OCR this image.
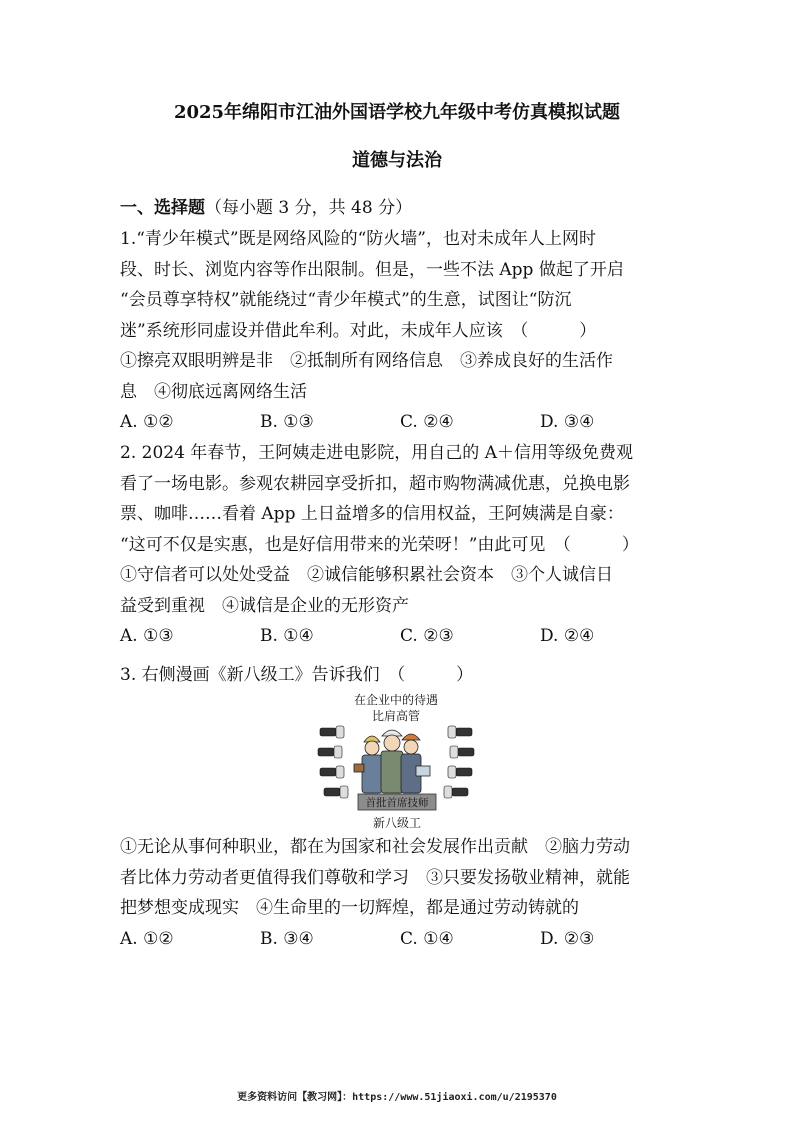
2025年绵阳市江油外国语学校九年级中考仿真模拟试题
道德与法治
一、选择题（每小题 3 分，共 48 分）
1.“青少年模式”既是网络风险的“防火墙”，也对未成年人上网时
段、时长、浏览内容等作出限制。但是，一些不法 App 做起了开启
“会员尊享特权”就能绕过“青少年模式”的生意，试图让“防沉
迷”系统形同虚设并借此牟利。对此，未成年人应该　（　　　）
①擦亮双眼明辨是非　②抵制所有网络信息　③养成良好的生活作
息　④彻底远离网络生活
A. ①②	B. ①③	C. ②④	D. ③④
2. 2024 年春节，王阿姨走进电影院，用自己的 A＋信用等级免费观
看了一场电影。参观农耕园享受折扣，超市购物满减优惠，兑换电影
票、咖啡……看着 App 上日益增多的信用权益，王阿姨满是自豪：
“这可不仅是实惠，也是好信用带来的光荣呀！”由此可见　（　　　）
①守信者可以处处受益　②诚信能够积累社会资本　③个人诚信日
益受到重视　④诚信是企业的无形资产
A. ①③	B. ①④	C. ②③	D. ②④
3. 右侧漫画《新八级工》告诉我们　（　　　）
在企业中的待遇
比肩高管
首批首席技师
新八级工
①无论从事何种职业，都在为国家和社会发展作出贡献　②脑力劳动
者比体力劳动者更值得我们尊敬和学习　③只要发扬敬业精神，就能
把梦想变成现实　④生命里的一切辉煌，都是通过劳动铸就的
A. ①②	B. ③④	C. ①④	D. ②③
更多资料访问【教习网】：https://www.51jiaoxi.com/u/2195370
